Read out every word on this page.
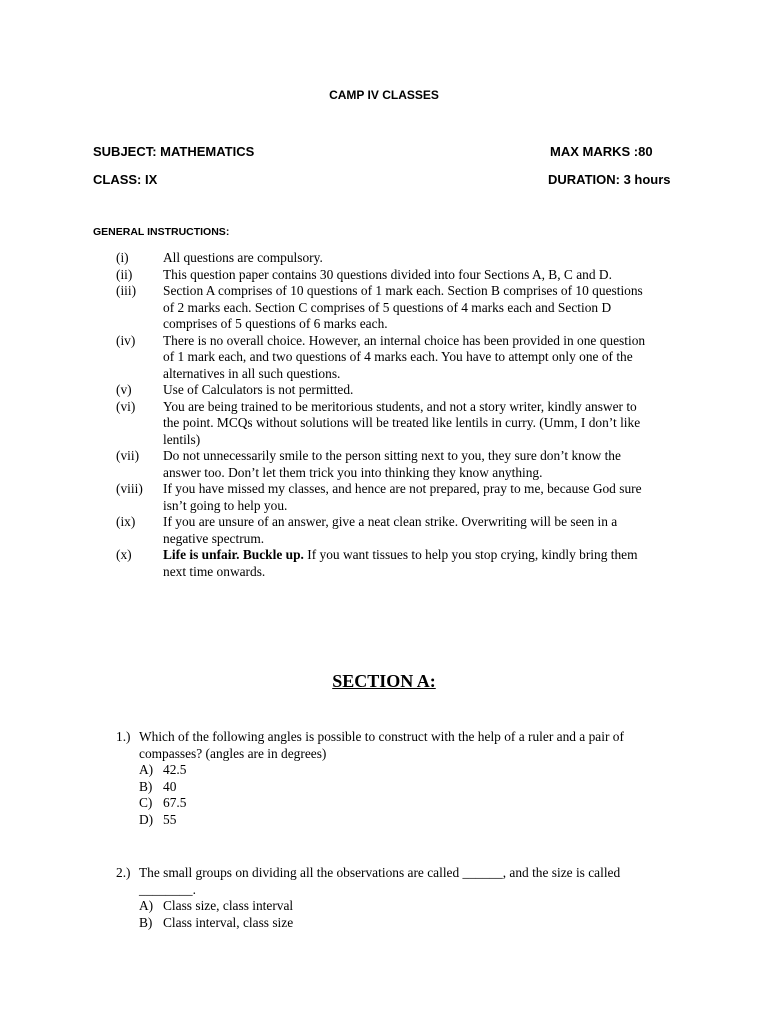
CAMP IV CLASSES
SUBJECT: MATHEMATICS	MAX MARKS :80
CLASS: IX	DURATION: 3 hours
GENERAL INSTRUCTIONS:
(i)	All questions are compulsory.
(ii)	This question paper contains 30 questions divided into four Sections A, B, C and D.
(iii)	Section A comprises of 10 questions of 1 mark each. Section B comprises of 10 questions
of 2 marks each. Section C comprises of 5 questions of 4 marks each and Section D
comprises of 5 questions of 6 marks each.
(iv)	There is no overall choice. However, an internal choice has been provided in one question
of 1 mark each, and two questions of 4 marks each. You have to attempt only one of the
alternatives in all such questions.
(v)	Use of Calculators is not permitted.
(vi)	You are being trained to be meritorious students, and not a story writer, kindly answer to
the point. MCQs without solutions will be treated like lentils in curry. (Umm, I don’t like
lentils)
(vii)	Do not unnecessarily smile to the person sitting next to you, they sure don’t know the
answer too. Don’t let them trick you into thinking they know anything.
(viii)	If you have missed my classes, and hence are not prepared, pray to me, because God sure
isn’t going to help you.
(ix)	If you are unsure of an answer, give a neat clean strike. Overwriting will be seen in a
negative spectrum.
(x)	Life is unfair. Buckle up. If you want tissues to help you stop crying, kindly bring them
next time onwards.
SECTION A:
1.) Which of the following angles is possible to construct with the help of a ruler and a pair of
compasses? (angles are in degrees)
A) 42.5
B) 40
C) 67.5
D) 55
2.) The small groups on dividing all the observations are called ______, and the size is called
________.
A) Class size, class interval
B) Class interval, class size
